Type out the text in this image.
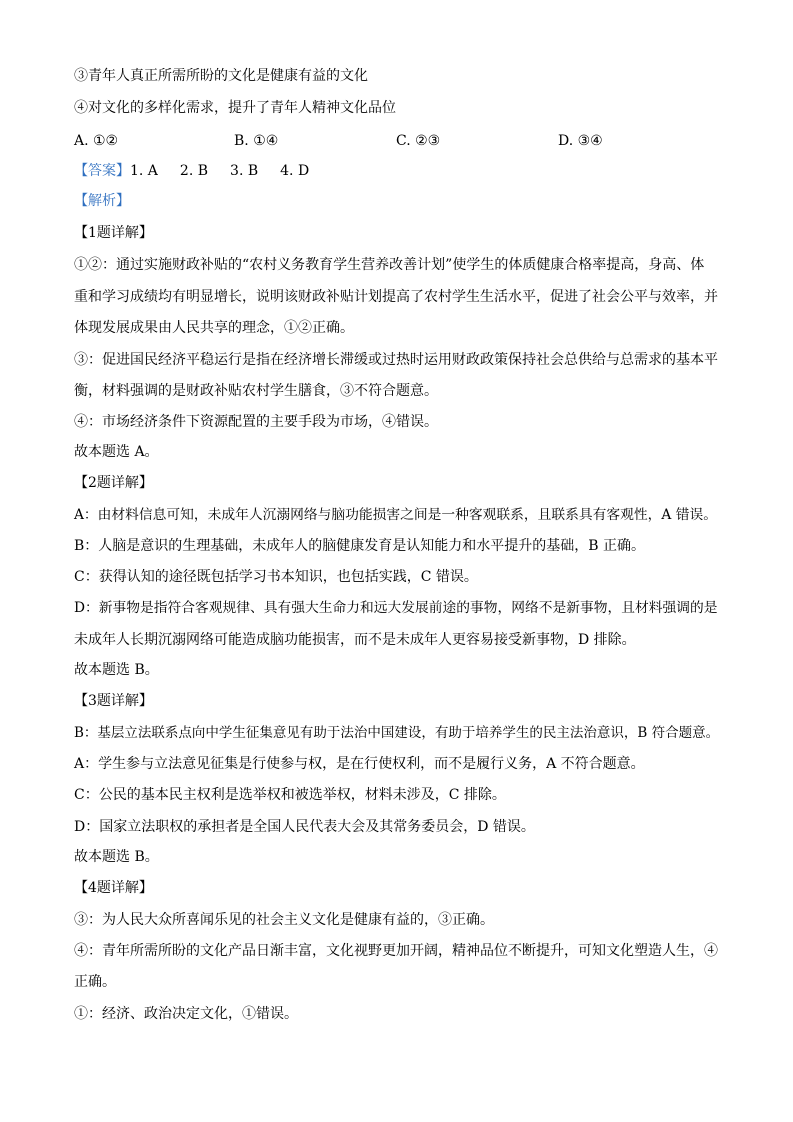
③青年人真正所需所盼的文化是健康有益的文化
④对文化的多样化需求，提升了青年人精神文化品位
A. ①②	B. ①④	C. ②③	D. ③④
【答案】1. A 2. B 3. B 4. D
【解析】
【1题详解】
①②：通过实施财政补贴的“农村义务教育学生营养改善计划”使学生的体质健康合格率提高，身高、体
重和学习成绩均有明显增长，说明该财政补贴计划提高了农村学生生活水平，促进了社会公平与效率，并
体现发展成果由人民共享的理念，①②正确。
③：促进国民经济平稳运行是指在经济增长滞缓或过热时运用财政政策保持社会总供给与总需求的基本平
衡，材料强调的是财政补贴农村学生膳食，③不符合题意。
④：市场经济条件下资源配置的主要手段为市场，④错误。
故本题选 A。
【2题详解】
A：由材料信息可知，未成年人沉溺网络与脑功能损害之间是一种客观联系，且联系具有客观性，A 错误。
B：人脑是意识的生理基础，未成年人的脑健康发育是认知能力和水平提升的基础，B 正确。
C：获得认知的途径既包括学习书本知识，也包括实践，C 错误。
D：新事物是指符合客观规律、具有强大生命力和远大发展前途的事物，网络不是新事物，且材料强调的是
未成年人长期沉溺网络可能造成脑功能损害，而不是未成年人更容易接受新事物，D 排除。
故本题选 B。
【3题详解】
B：基层立法联系点向中学生征集意见有助于法治中国建设，有助于培养学生的民主法治意识，B 符合题意。
A：学生参与立法意见征集是行使参与权，是在行使权利，而不是履行义务，A 不符合题意。
C：公民的基本民主权利是选举权和被选举权，材料未涉及，C 排除。
D：国家立法职权的承担者是全国人民代表大会及其常务委员会，D 错误。
故本题选 B。
【4题详解】
③：为人民大众所喜闻乐见的社会主义文化是健康有益的，③正确。
④：青年所需所盼的文化产品日渐丰富，文化视野更加开阔，精神品位不断提升，可知文化塑造人生，④
正确。
①：经济、政治决定文化，①错误。
